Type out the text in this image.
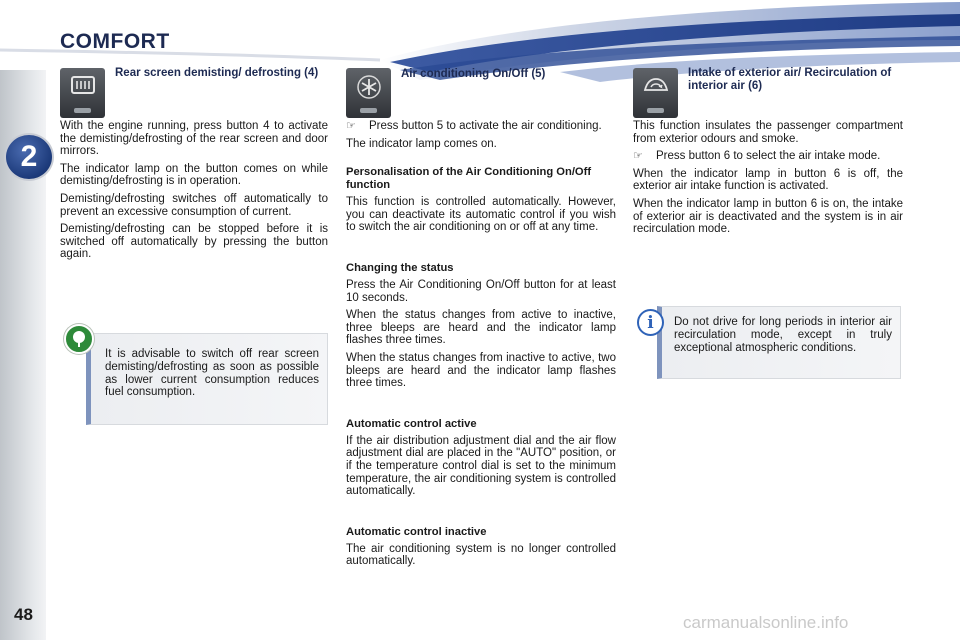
COMFORT
2
48	carmanualsonline.info
Rear screen demisting/ defrosting (4)

With the engine running, press button 4 to activate the demisting/defrosting of the rear screen and door mirrors.

The indicator lamp on the button comes on while demisting/defrosting is in operation.

Demisting/defrosting switches off automatically to prevent an excessive consumption of current.

Demisting/defrosting can be stopped before it is switched off automatically by pressing the button again.

It is advisable to switch off rear screen demisting/defrosting as soon as possible as lower current consumption reduces fuel consumption.

Air conditioning On/Off (5)
☞ Press button 5 to activate the air conditioning.

The indicator lamp comes on.

Personalisation of the Air Conditioning On/Off function

This function is controlled automatically. However, you can deactivate its automatic control if you wish to switch the air conditioning on or off at any time.

Changing the status

Press the Air Conditioning On/Off button for at least 10 seconds.

When the status changes from active to inactive, three bleeps are heard and the indicator lamp flashes three times.

When the status changes from inactive to active, two bleeps are heard and the indicator lamp flashes three times.

Automatic control active

If the air distribution adjustment dial and the air flow adjustment dial are placed in the "AUTO" position, or if the temperature control dial is set to the minimum temperature, the air conditioning system is controlled automatically.

Automatic control inactive

The air conditioning system is no longer controlled automatically.

Intake of exterior air/ Recirculation of interior air (6)

This function insulates the passenger compartment from exterior odours and smoke.

☞ Press button 6 to select the air intake mode.

When the indicator lamp in button 6 is off, the exterior air intake function is activated.

When the indicator lamp in button 6 is on, the intake of exterior air is deactivated and the system is in air recirculation mode.

i Do not drive for long periods in interior air recirculation mode, except in truly exceptional atmospheric conditions.
